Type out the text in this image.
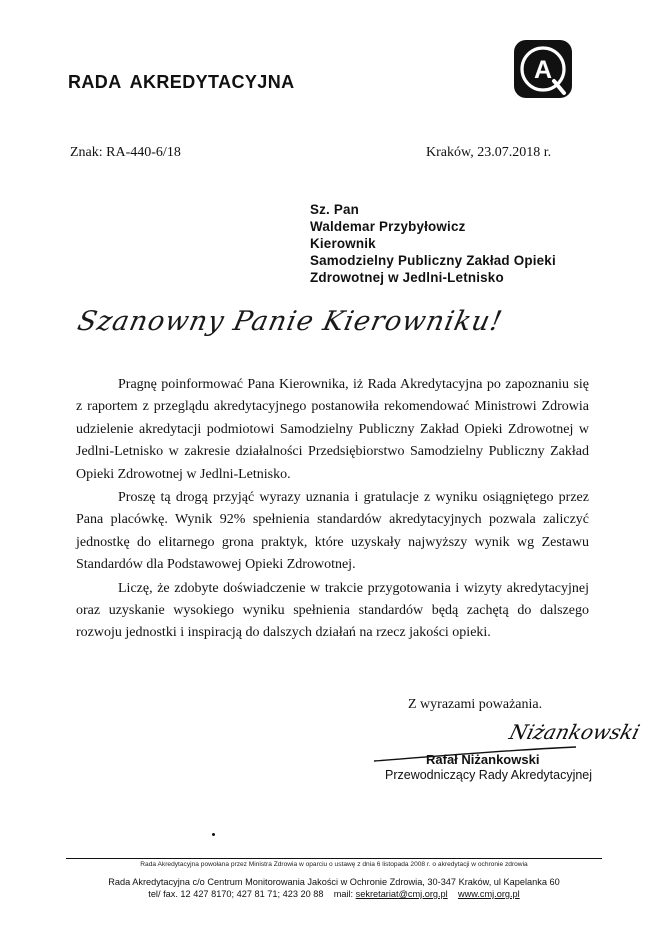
RADA AKREDYTACYJNA	A
Znak: RA-440-6/18	Kraków, 23.07.2018 r.
Sz. Pan
Waldemar Przybyłowicz
Kierownik
Samodzielny Publiczny Zakład Opieki
Zdrowotnej w Jedlni-Letnisko
Szanowny Panie Kierowniku!

Pragnę poinformować Pana Kierownika, iż Rada Akredytacyjna po zapoznaniu się z raportem z przeglądu akredytacyjnego postanowiła rekomendować Ministrowi Zdrowia udzielenie akredytacji podmiotowi Samodzielny Publiczny Zakład Opieki Zdrowotnej w Jedlni-Letnisko w zakresie działalności Przedsiębiorstwo Samodzielny Publiczny Zakład Opieki Zdrowotnej w Jedlni-Letnisko.

Proszę tą drogą przyjąć wyrazy uznania i gratulacje z wyniku osiągniętego przez Pana placówkę. Wynik 92% spełnienia standardów akredytacyjnych pozwala zaliczyć jednostkę do elitarnego grona praktyk, które uzyskały najwyższy wynik wg Zestawu Standardów dla Podstawowej Opieki Zdrowotnej.

Liczę, że zdobyte doświadczenie w trakcie przygotowania i wizyty akredytacyjnej oraz uzyskanie wysokiego wyniku spełnienia standardów będą zachętą do dalszego rozwoju jednostki i inspiracją do dalszych działań na rzecz jakości opieki.

Z wyrazami poważania.
Niżankowski
Rafał Niżankowski
Przewodniczący Rady Akredytacyjnej
Rada Akredytacyjna powołana przez Ministra Zdrowia w oparciu o ustawę z dnia 6 listopada 2008 r. o akredytacji w ochronie zdrowia
Rada Akredytacyjna c/o Centrum Monitorowania Jakości w Ochronie Zdrowia, 30-347 Kraków, ul Kapelanka 60
tel/ fax. 12 427 8170; 427 81 71; 423 20 88 mail: sekretariat@cmj.org.pl www.cmj.org.pl
